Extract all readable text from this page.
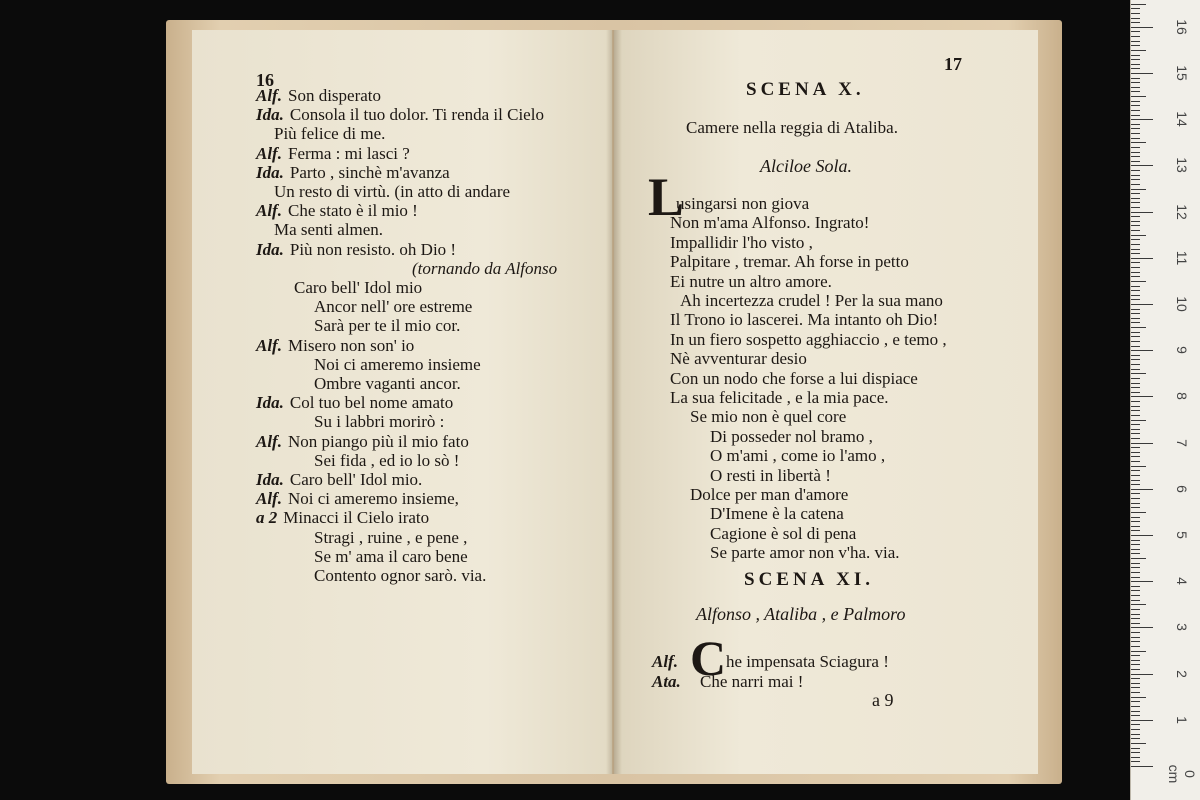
16
Alf. Son disperato
Ida. Consola il tuo dolor. Ti renda il Cielo
Più felice di me.
Alf. Ferma : mi lasci ?
Ida. Parto , sinchè m'avanza
Un resto di virtù. (in atto di andare
Alf. Che stato è il mio !
Ma senti almen.
Ida. Più non resisto. oh Dio !
(tornando da Alfonso
Caro bell' Idol mio
Ancor nell' ore estreme
Sarà per te il mio cor.
Alf. Misero non son' io
Noi ci ameremo insieme
Ombre vaganti ancor.
Ida. Col tuo bel nome amato
Su i labbri morirò :
Alf. Non piango più il mio fato
Sei fida , ed io lo sò !
Ida. Caro bell' Idol mio.
Alf. Noi ci ameremo insieme,
a 2 Minacci il Cielo irato
Stragi , ruine , e pene ,
Se m' ama il caro bene
Contento ognor sarò. via.
17
SCENA X.
Camere nella reggia di Ataliba.
Alciloe Sola.
L
usingarsi non giova
Non m'ama Alfonso. Ingrato!
Impallidir l'ho visto ,
Palpitare , tremar. Ah forse in petto
Ei nutre un altro amore.
Ah incertezza crudel ! Per la sua mano
Il Trono io lascerei. Ma intanto oh Dio!
In un fiero sospetto agghiaccio , e temo ,
Nè avventurar desio
Con un nodo che forse a lui dispiace
La sua felicitade , e la mia pace.
Se mio non è quel core
Di posseder nol bramo ,
O m'ami , come io l'amo ,
O resti in libertà !
Dolce per man d'amore
D'Imene è la catena
Cagione è sol di pena
Se parte amor non v'ha. via.
SCENA XI.
Alfonso , Ataliba , e Palmoro
Alf. C he impensata Sciagura !
Ata. Che narri mai !
a 9
16
15
14
13
12
11
10
9
8
7
6
5
4
3
2
1
0 cm
